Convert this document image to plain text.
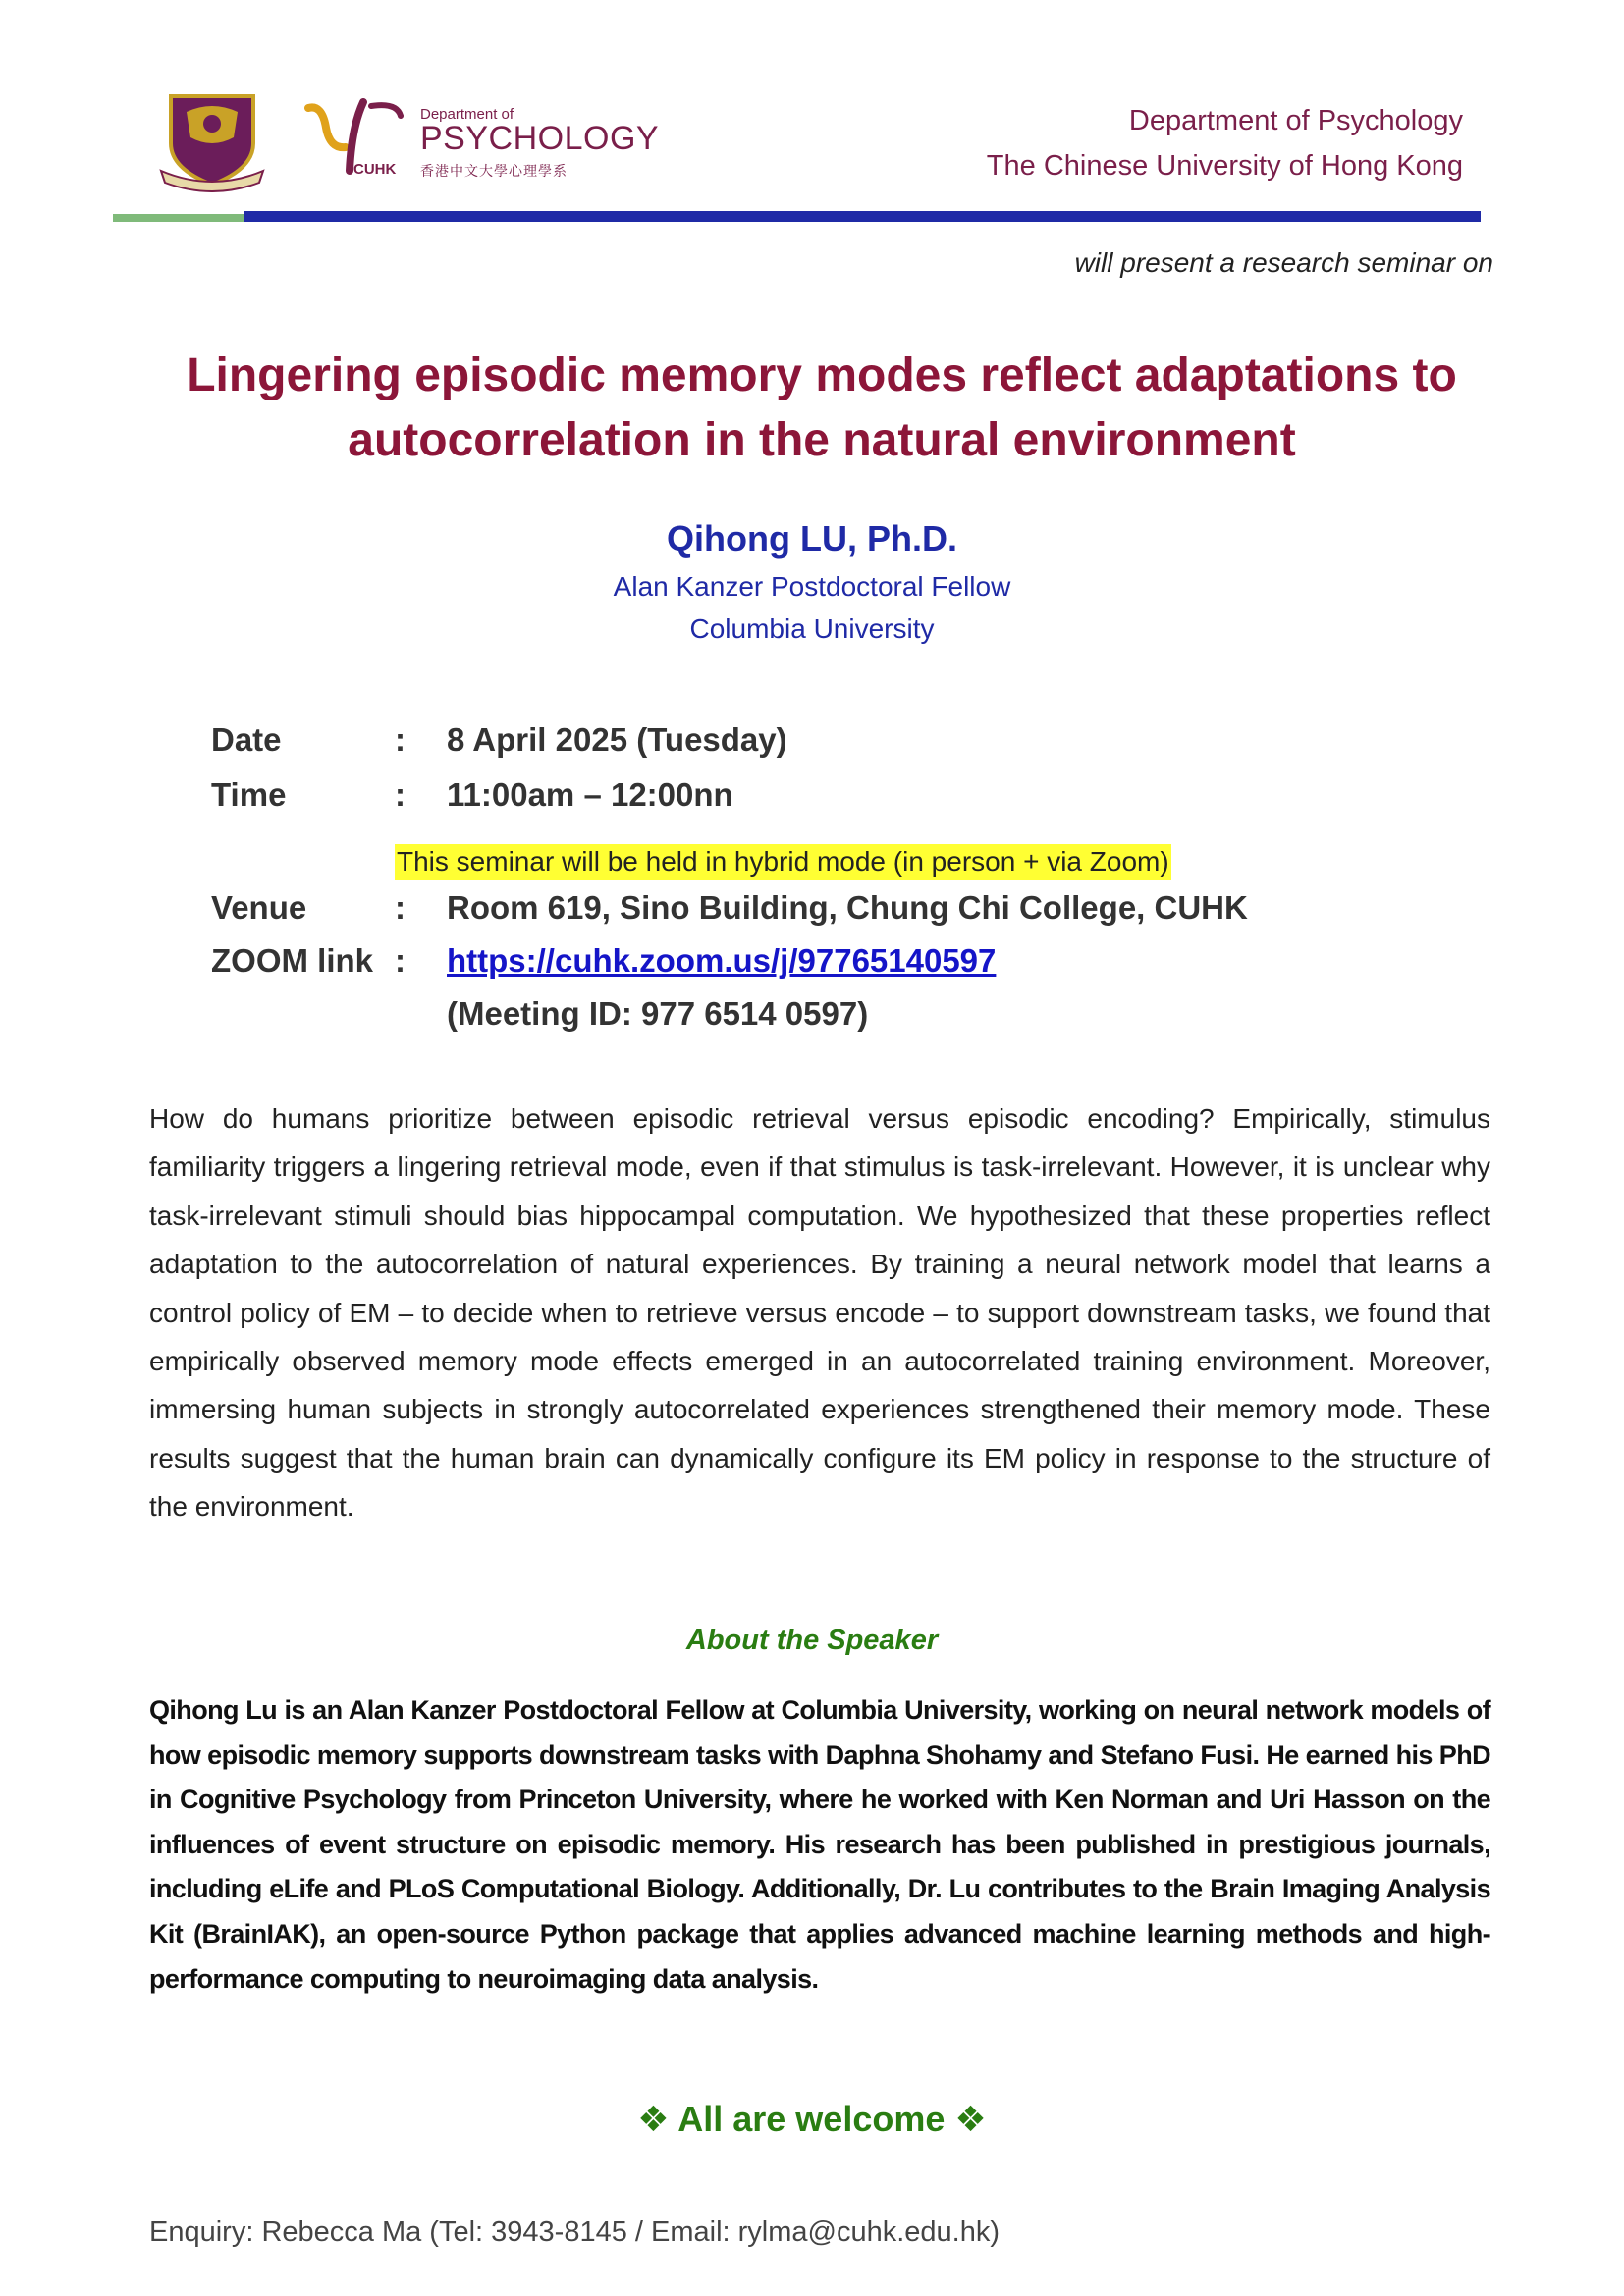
Department of
PSYCHOLOGY
CUHK 香港中文大學心理學系
Department of Psychology
The Chinese University of Hong Kong
will present a research seminar on
Lingering episodic memory modes reflect adaptations to
autocorrelation in the natural environment
Qihong LU, Ph.D.
Alan Kanzer Postdoctoral Fellow
Columbia University
Date	: 8 April 2025 (Tuesday)
Time	: 11:00am – 12:00nn
This seminar will be held in hybrid mode (in person + via Zoom)
Venue	: Room 619, Sino Building, Chung Chi College, CUHK
ZOOM link : https://cuhk.zoom.us/j/97765140597
(Meeting ID: 977 6514 0597)
How do humans prioritize between episodic retrieval versus episodic encoding? Empirically, stimulus familiarity triggers a lingering retrieval mode, even if that stimulus is task-irrelevant. However, it is unclear why task-irrelevant stimuli should bias hippocampal computation. We hypothesized that these properties reflect adaptation to the autocorrelation of natural experiences. By training a neural network model that learns a control policy of EM – to decide when to retrieve versus encode – to support downstream tasks, we found that empirically observed memory mode effects emerged in an autocorrelated training environment. Moreover, immersing human subjects in strongly autocorrelated experiences strengthened their memory mode. These results suggest that the human brain can dynamically configure its EM policy in response to the structure of the environment.
About the Speaker
Qihong Lu is an Alan Kanzer Postdoctoral Fellow at Columbia University, working on neural network models of how episodic memory supports downstream tasks with Daphna Shohamy and Stefano Fusi. He earned his PhD in Cognitive Psychology from Princeton University, where he worked with Ken Norman and Uri Hasson on the influences of event structure on episodic memory. His research has been published in prestigious journals, including eLife and PLoS Computational Biology. Additionally, Dr. Lu contributes to the Brain Imaging Analysis Kit (BrainIAK), an open-source Python package that applies advanced machine learning methods and high-performance computing to neuroimaging data analysis.
❖ All are welcome ❖
Enquiry: Rebecca Ma (Tel: 3943-8145 / Email: rylma@cuhk.edu.hk)
